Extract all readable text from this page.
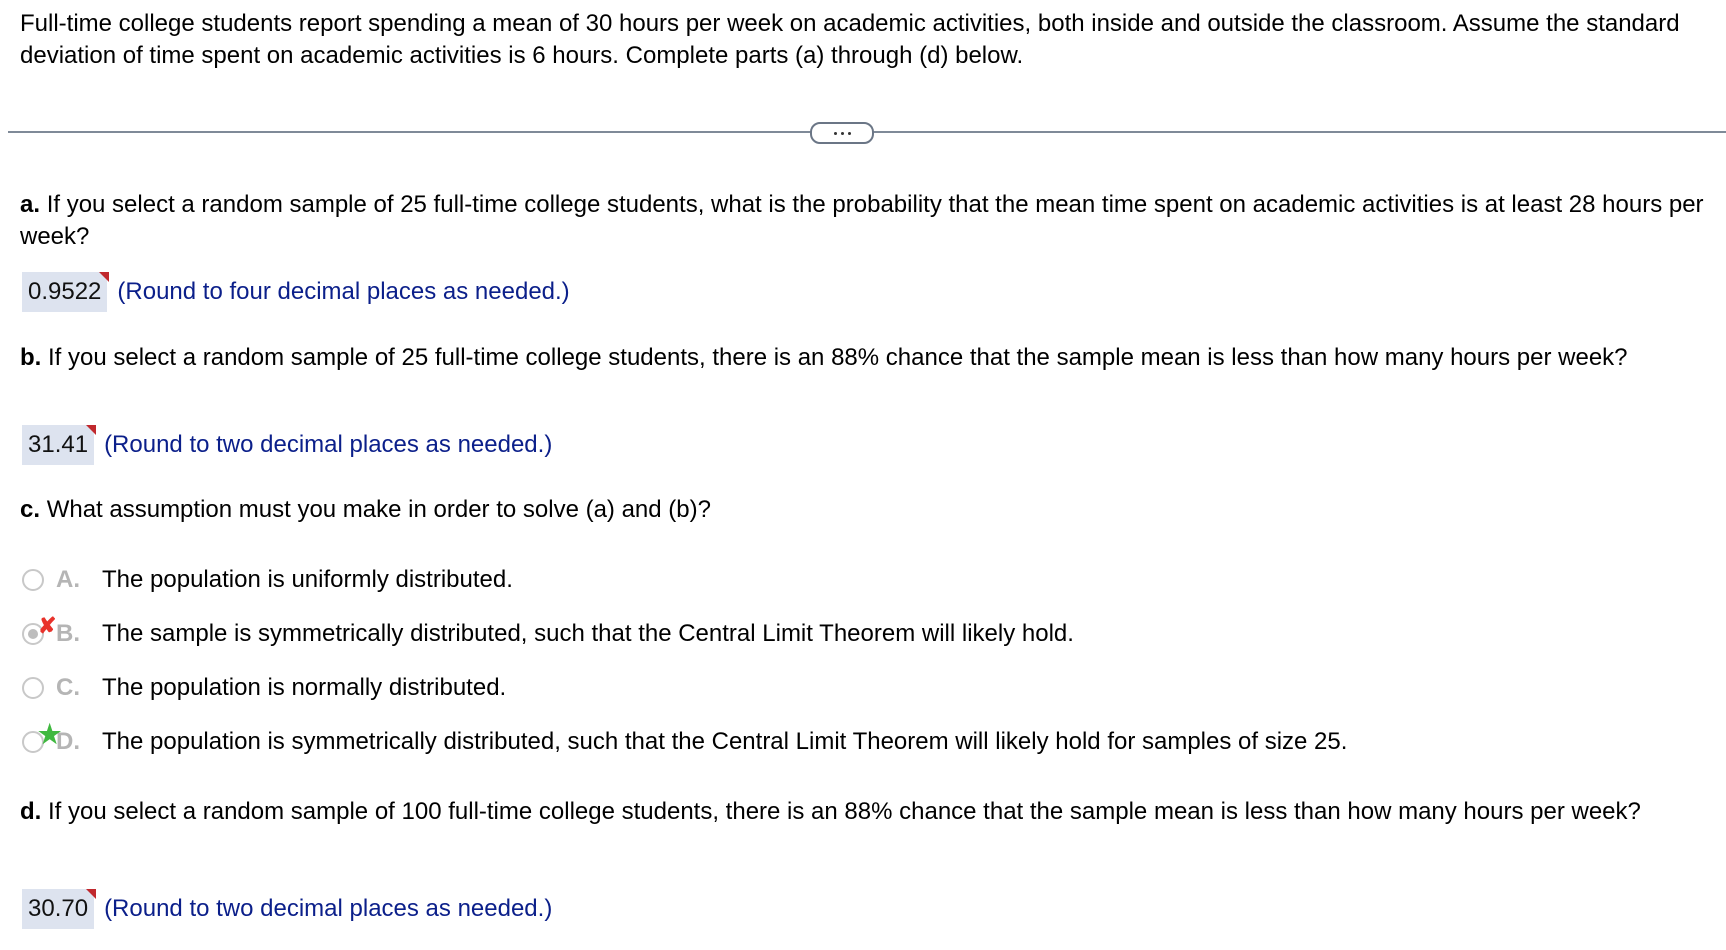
Full-time college students report spending a mean of 30 hours per week on academic activities, both inside and outside the classroom. Assume the standard deviation of time spent on academic activities is 6 hours. Complete parts (a) through (d) below.
a. If you select a random sample of 25 full-time college students, what is the probability that the mean time spent on academic activities is at least 28 hours per week?
0.9522 (Round to four decimal places as needed.)
b. If you select a random sample of 25 full-time college students, there is an 88% chance that the sample mean is less than how many hours per week?
31.41 (Round to two decimal places as needed.)
c. What assumption must you make in order to solve (a) and (b)?
A. The population is uniformly distributed.
✘ B. The sample is symmetrically distributed, such that the Central Limit Theorem will likely hold.
C. The population is normally distributed.
★
D. The population is symmetrically distributed, such that the Central Limit Theorem will likely hold for samples of size 25.
d. If you select a random sample of 100 full-time college students, there is an 88% chance that the sample mean is less than how many hours per week?
30.70 (Round to two decimal places as needed.)
